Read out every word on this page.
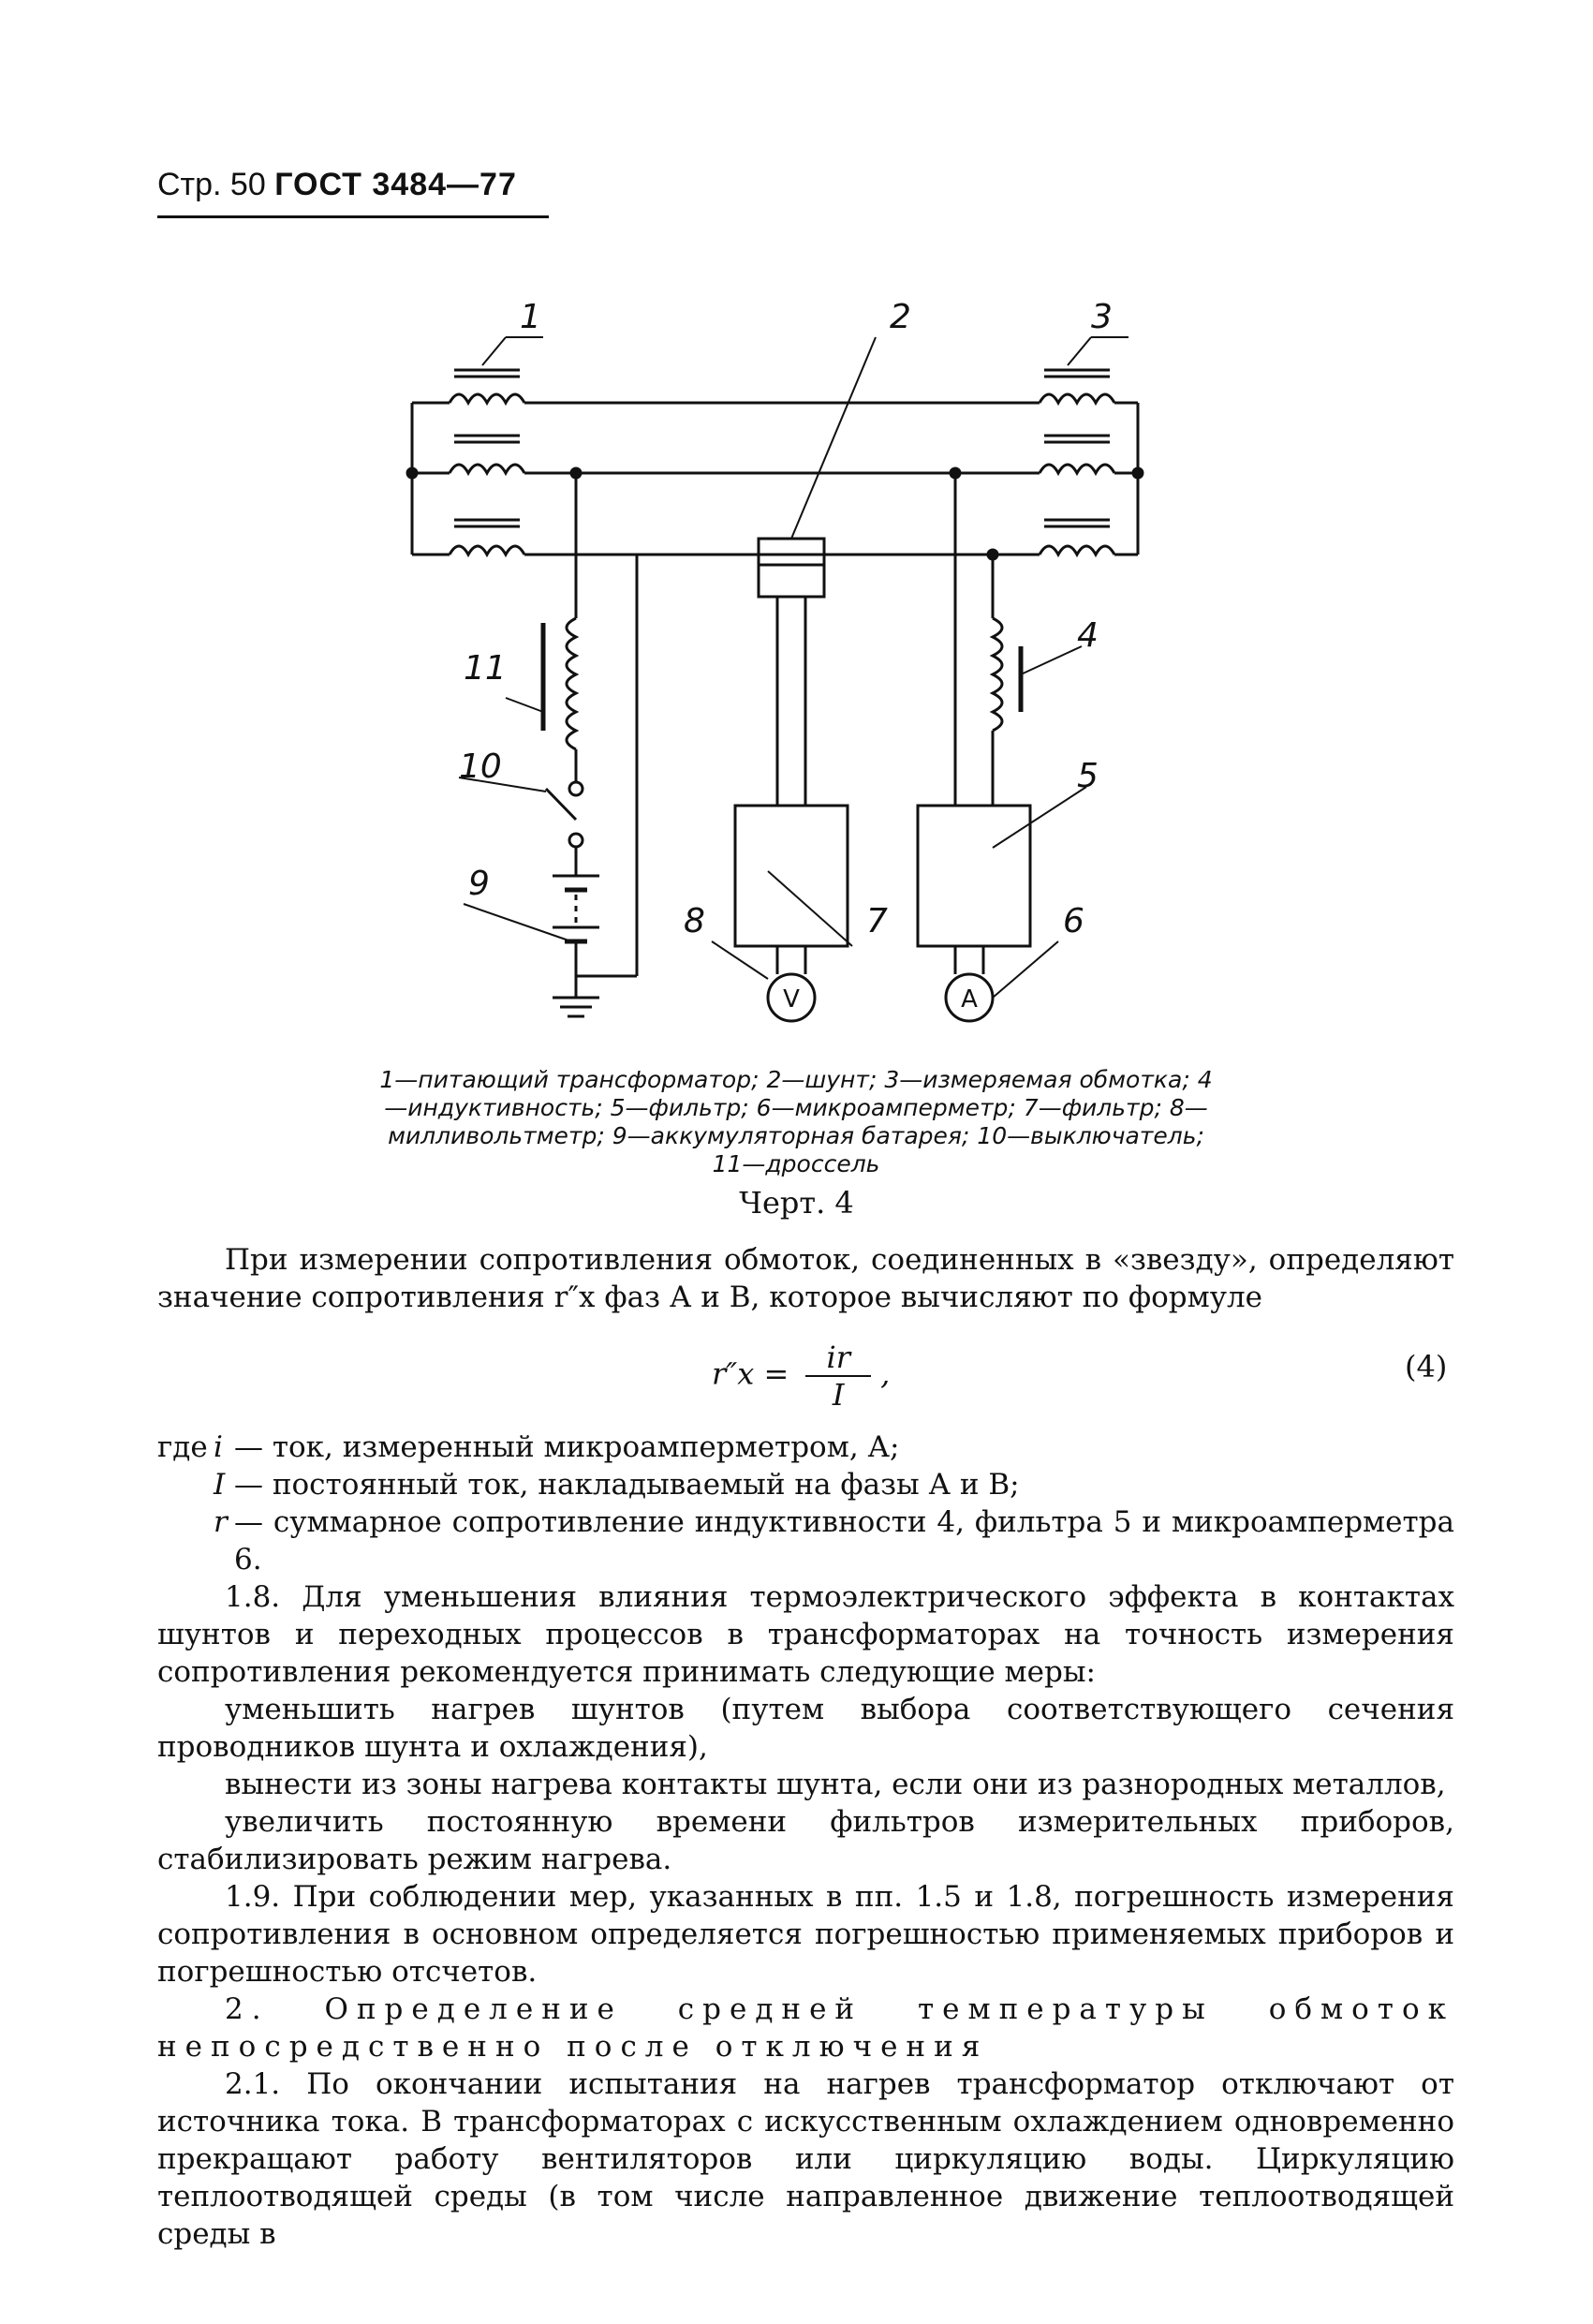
Стр. 50 ГОСТ 3484—77
1	2	3
4
5
6
7
8
9
10
11
V	A
1—питающий трансформатор; 2—шунт; 3—измеряемая обмотка; 4—индуктивность; 5—фильтр; 6—микроамперметр; 7—фильтр; 8—милливольтметр; 9—аккумуляторная батарея; 10—выключатель; 11—дроссель
Черт. 4

При измерении сопротивления обмоток, соединенных в «звезду», определяют значение сопротивления r″x фаз А и В, которое вычисляют по формуле

$r''x = \frac{ir}{I}$ ,	(4)
где i — ток, измеренный микроамперметром, А;
I — постоянный ток, накладываемый на фазы А и В;
r — суммарное сопротивление индуктивности 4, фильтра 5 и микроамперметра 6.

1.8. Для уменьшения влияния термоэлектрического эффекта в контактах шунтов и переходных процессов в трансформаторах на точность измерения сопротивления рекомендуется принимать следующие меры:

уменьшить нагрев шунтов (путем выбора соответствующего сечения проводников шунта и охлаждения),

вынести из зоны нагрева контакты шунта, если они из разнородных металлов,

увеличить постоянную времени фильтров измерительных приборов, стабилизировать режим нагрева.

1.9. При соблюдении мер, указанных в пп. 1.5 и 1.8, погрешность измерения сопротивления в основном определяется погрешностью применяемых приборов и погрешностью отсчетов.

2. Определение средней температуры обмоток непосредственно после отключения

2.1. По окончании испытания на нагрев трансформатор отключают от источника тока. В трансформаторах с искусственным охлаждением одновременно прекращают работу вентиляторов или циркуляцию воды. Циркуляцию теплоотводящей среды (в том числе направленное движение теплоотводящей среды в
